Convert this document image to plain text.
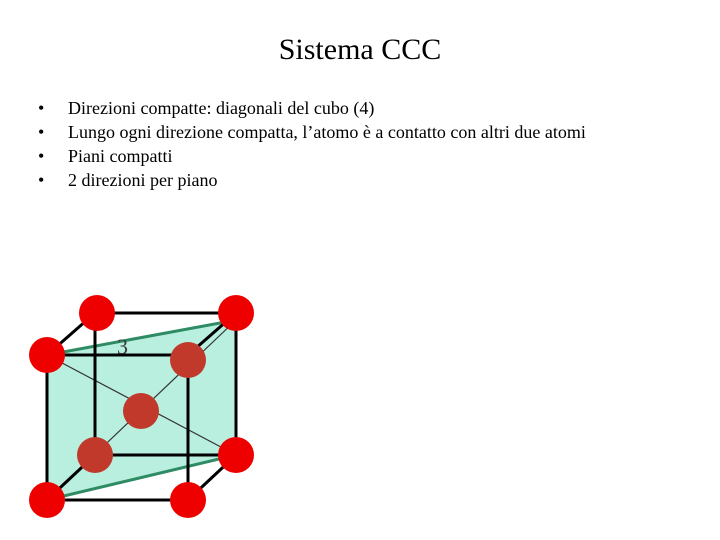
Sistema CCC
•	Direzioni compatte: diagonali del cubo (4)
•	Lungo ogni direzione compatta, l’atomo è a contatto con altri due atomi
•	Piani compatti
•	2 direzioni per piano
3
